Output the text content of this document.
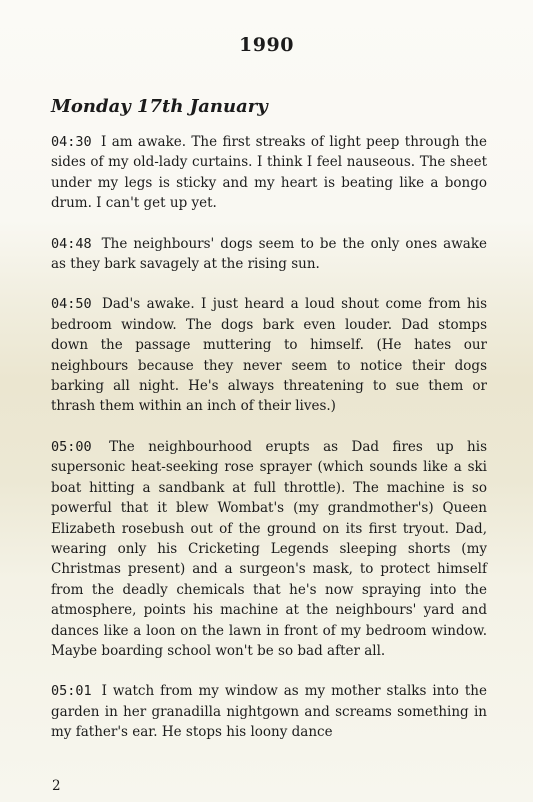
1990
Monday 17th January

04:30 I am awake. The first streaks of light peep through the sides of my old-lady curtains. I think I feel nauseous. The sheet under my legs is sticky and my heart is beating like a bongo drum. I can't get up yet.

04:48 The neighbours' dogs seem to be the only ones awake as they bark savagely at the rising sun.

04:50 Dad's awake. I just heard a loud shout come from his bedroom window. The dogs bark even louder. Dad stomps down the passage muttering to himself. (He hates our neighbours because they never seem to notice their dogs barking all night. He's always threatening to sue them or thrash them within an inch of their lives.)

05:00 The neighbourhood erupts as Dad fires up his supersonic heat-seeking rose sprayer (which sounds like a ski boat hitting a sandbank at full throttle). The machine is so powerful that it blew Wombat's (my grandmother's) Queen Elizabeth rosebush out of the ground on its first tryout. Dad, wearing only his Cricketing Legends sleeping shorts (my Christmas present) and a surgeon's mask, to protect himself from the deadly chemicals that he's now spraying into the atmosphere, points his machine at the neighbours' yard and dances like a loon on the lawn in front of my bedroom window. Maybe boarding school won't be so bad after all.

05:01 I watch from my window as my mother stalks into the garden in her granadilla nightgown and screams something in my father's ear. He stops his loony dance

2
